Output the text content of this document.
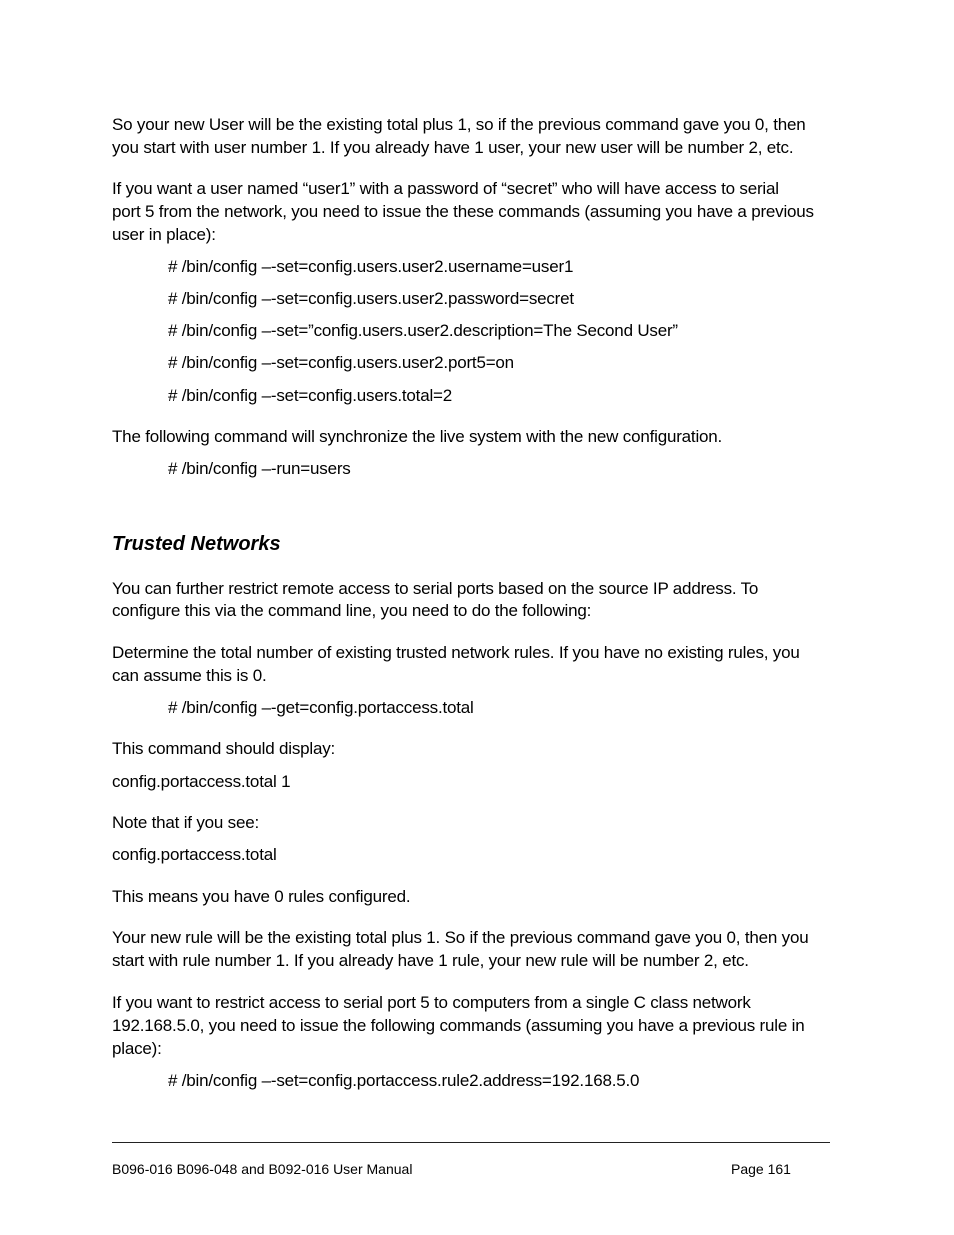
So your new User will be the existing total plus 1, so if the previous command gave you 0, then
you start with user number 1. If you already have 1 user, your new user will be number 2, etc.
If you want a user named “user1” with a password of “secret” who will have access to serial
port 5 from the network, you need to issue the these commands (assuming you have a previous
user in place):
# /bin/config –-set=config.users.user2.username=user1
# /bin/config –-set=config.users.user2.password=secret
# /bin/config –-set=”config.users.user2.description=The Second User”
# /bin/config –-set=config.users.user2.port5=on
# /bin/config –-set=config.users.total=2
The following command will synchronize the live system with the new configuration.
# /bin/config –-run=users
Trusted Networks
You can further restrict remote access to serial ports based on the source IP address. To
configure this via the command line, you need to do the following:
Determine the total number of existing trusted network rules. If you have no existing rules, you
can assume this is 0.
# /bin/config –-get=config.portaccess.total
This command should display:
config.portaccess.total 1
Note that if you see:
config.portaccess.total
This means you have 0 rules configured.
Your new rule will be the existing total plus 1. So if the previous command gave you 0, then you
start with rule number 1. If you already have 1 rule, your new rule will be number 2, etc.
If you want to restrict access to serial port 5 to computers from a single C class network
192.168.5.0, you need to issue the following commands (assuming you have a previous rule in
place):
# /bin/config –-set=config.portaccess.rule2.address=192.168.5.0
B096-016 B096-048 and B092-016 User Manual	Page 161
